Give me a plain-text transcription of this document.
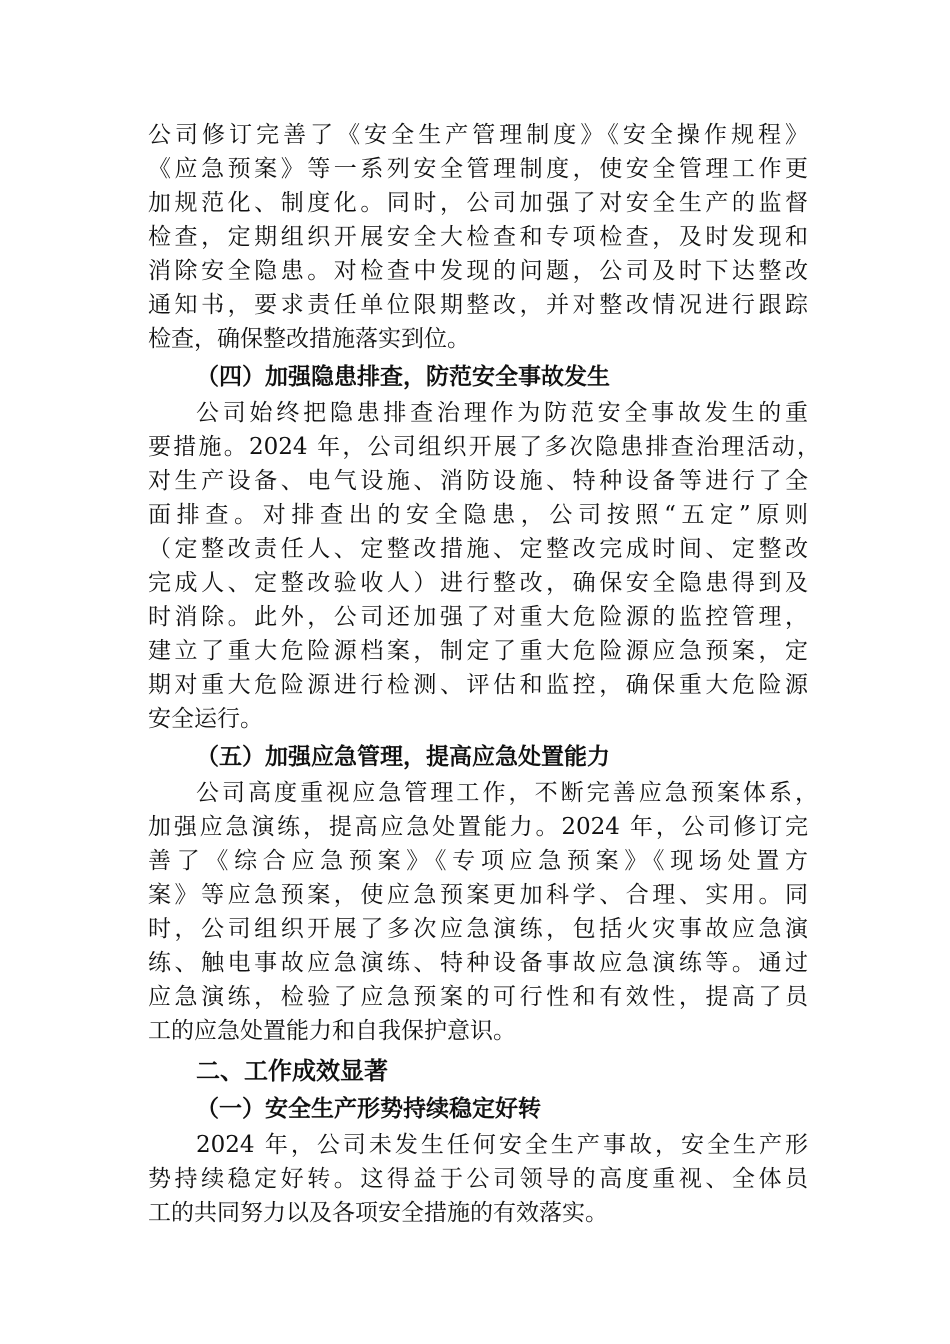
公司修订完善了《安全生产管理制度》《安全操作规程》
《应急预案》等一系列安全管理制度，使安全管理工作更
加规范化、制度化。同时，公司加强了对安全生产的监督
检查，定期组织开展安全大检查和专项检查，及时发现和
消除安全隐患。对检查中发现的问题，公司及时下达整改
通知书，要求责任单位限期整改，并对整改情况进行跟踪
检查，确保整改措施落实到位。
（四）加强隐患排查，防范安全事故发生
公司始终把隐患排查治理作为防范安全事故发生的重
要措施。2024 年，公司组织开展了多次隐患排查治理活动，
对生产设备、电气设施、消防设施、特种设备等进行了全
面排查。对排查出的安全隐患，公司按照“五定”原则
（定整改责任人、定整改措施、定整改完成时间、定整改
完成人、定整改验收人）进行整改，确保安全隐患得到及
时消除。此外，公司还加强了对重大危险源的监控管理，
建立了重大危险源档案，制定了重大危险源应急预案，定
期对重大危险源进行检测、评估和监控，确保重大危险源
安全运行。
（五）加强应急管理，提高应急处置能力
公司高度重视应急管理工作，不断完善应急预案体系，
加强应急演练，提高应急处置能力。2024 年，公司修订完
善了《综合应急预案》《专项应急预案》《现场处置方
案》等应急预案，使应急预案更加科学、合理、实用。同
时，公司组织开展了多次应急演练，包括火灾事故应急演
练、触电事故应急演练、特种设备事故应急演练等。通过
应急演练，检验了应急预案的可行性和有效性，提高了员
工的应急处置能力和自我保护意识。
二、工作成效显著
（一）安全生产形势持续稳定好转
2024 年，公司未发生任何安全生产事故，安全生产形
势持续稳定好转。这得益于公司领导的高度重视、全体员
工的共同努力以及各项安全措施的有效落实。
